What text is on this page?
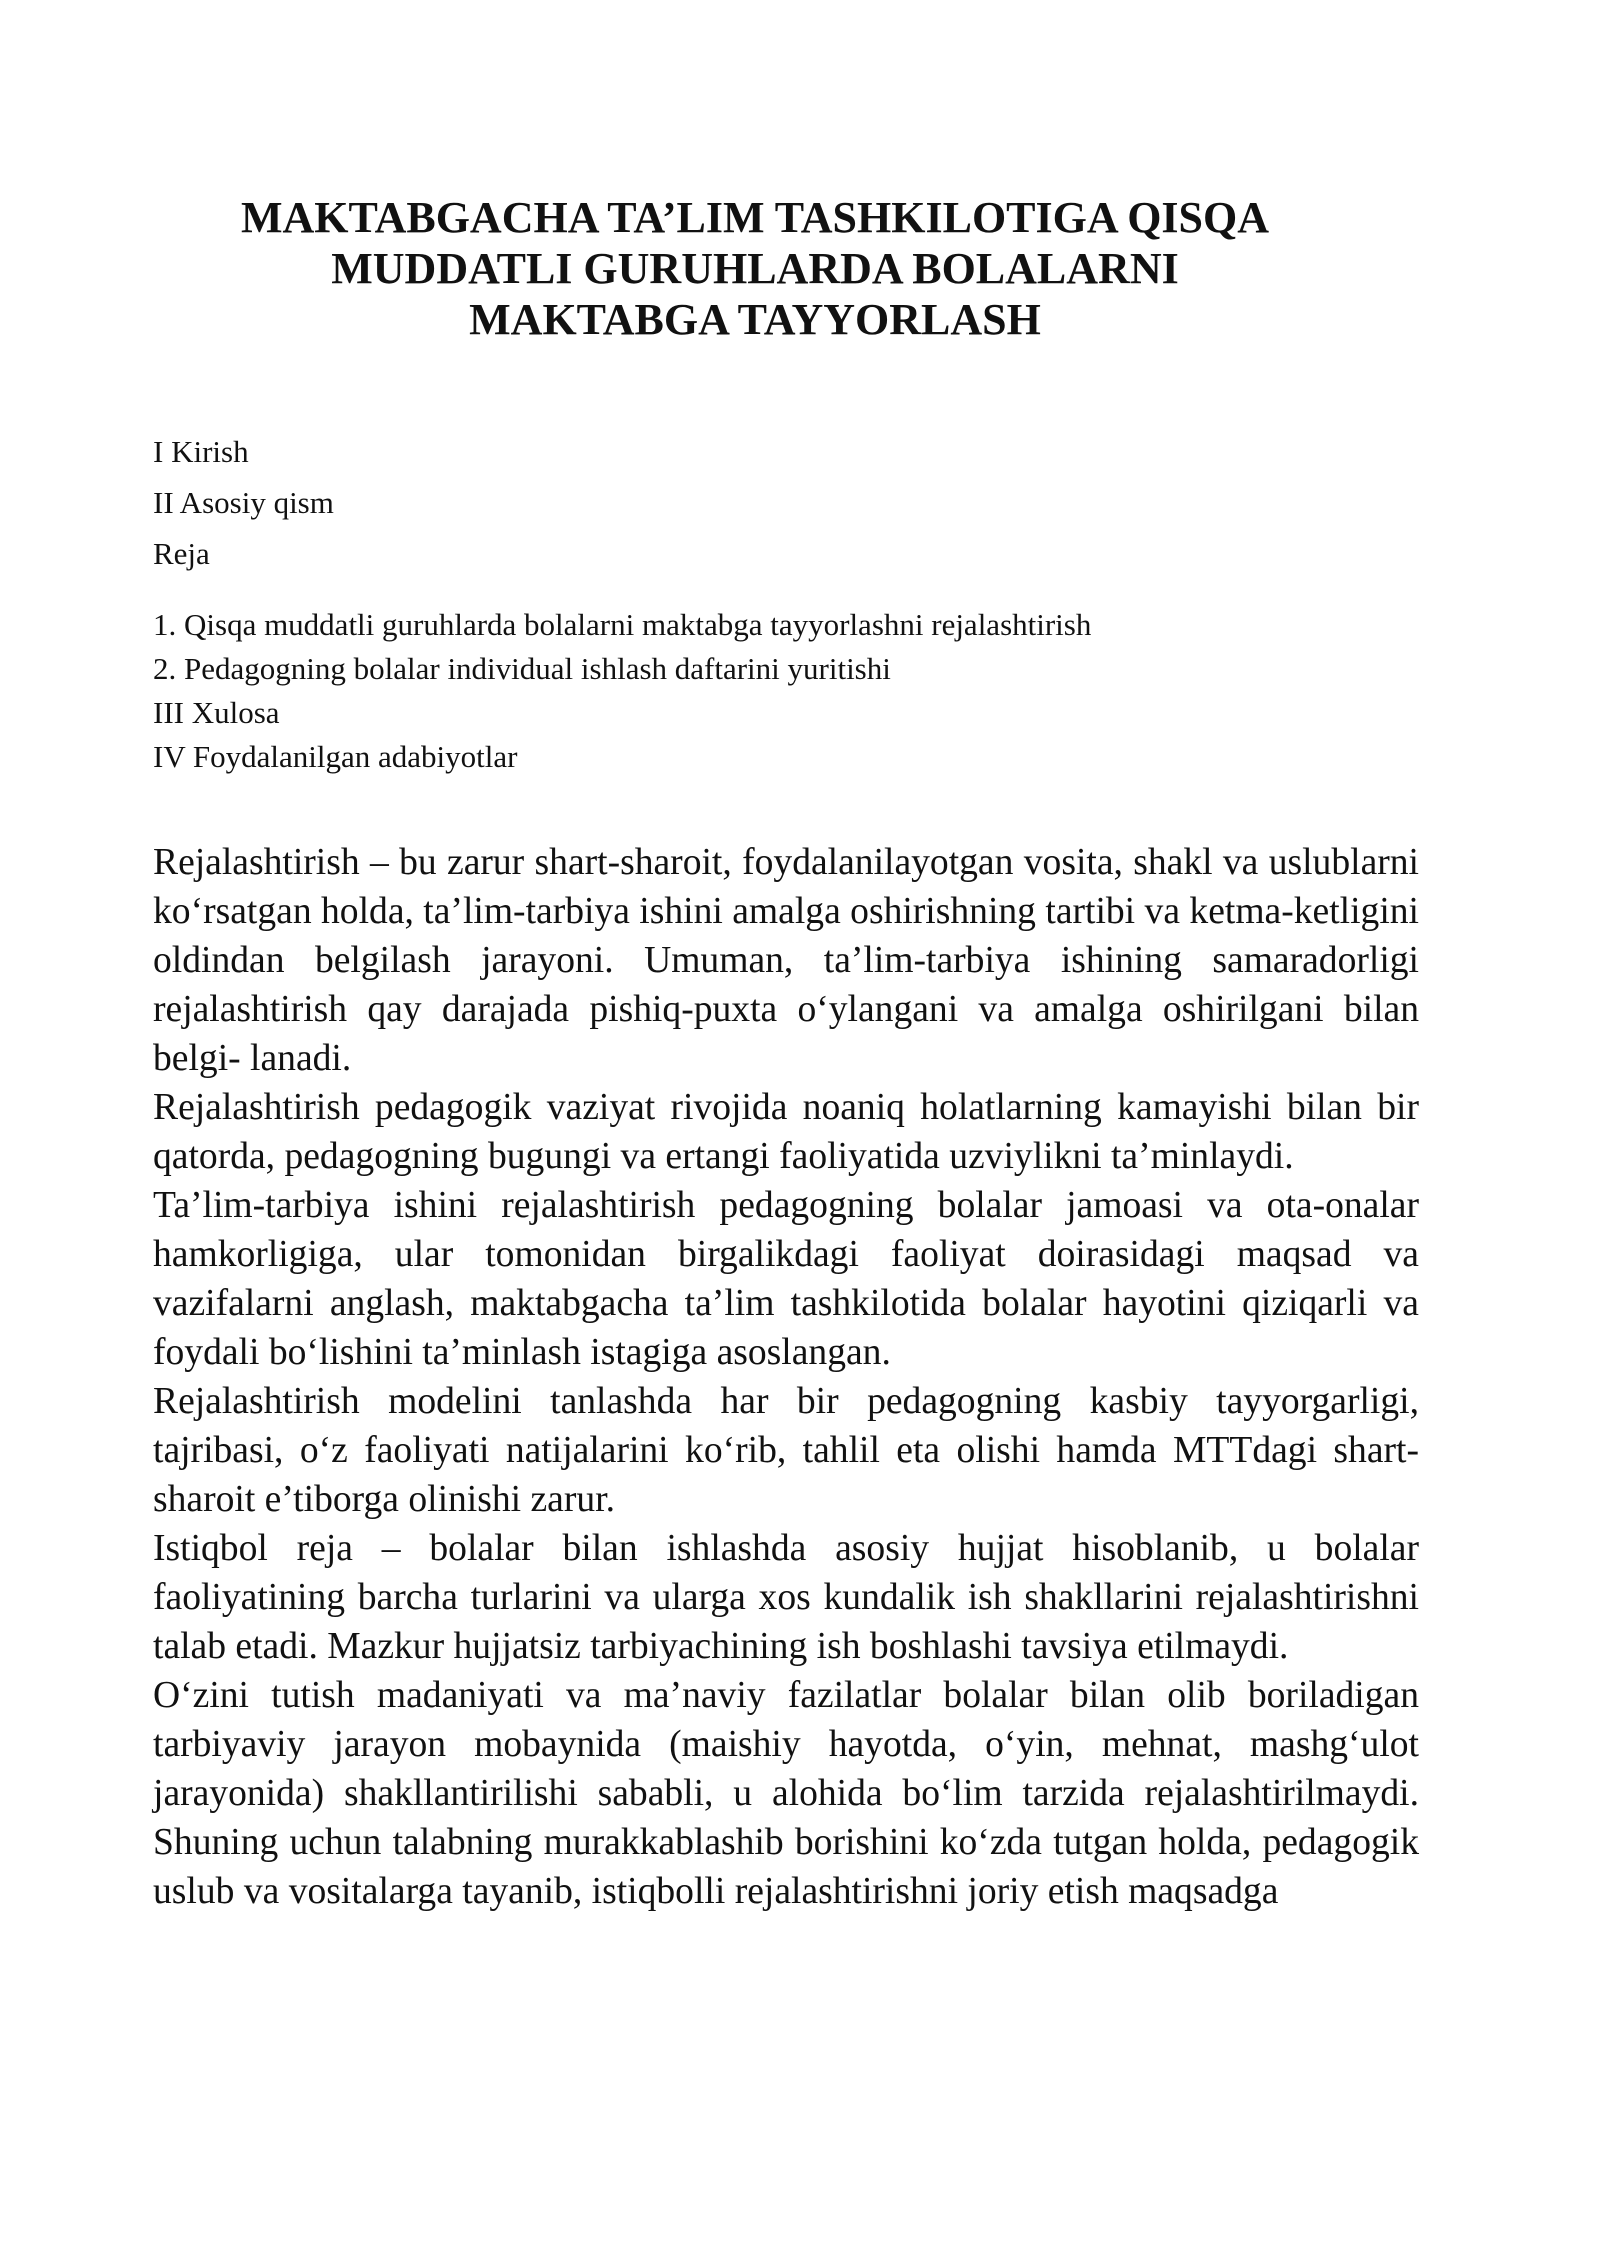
MAKTABGACHA TA’LIM TASHKILOTIGA QISQA
MUDDATLI GURUHLARDA BOLALARNI
MAKTABGA TAYYORLASH
I Kirish
II Asosiy qism
Reja
1. Qisqa muddatli guruhlarda bolalarni maktabga tayyorlashni rejalashtirish
2. Pedagogning bolalar individual ishlash daftarini yuritishi
III Xulosa
IV Foydalanilgan adabiyotlar

Rejalashtirish – bu zarur shart-sharoit, foydalanilayotgan vosita, shakl va uslublarni ko‘rsatgan holda, ta’lim-tarbiya ishini amalga oshirishning tartibi va ketma-ketligini oldindan belgilash jarayoni. Umuman, ta’lim-tarbiya ishining samaradorligi rejalashtirish qay darajada pishiq-puxta o‘ylangani va amalga oshirilgani bilan belgi- lanadi.

Rejalashtirish pedagogik vaziyat rivojida noaniq holatlarning kamayishi bilan bir qatorda, pedagogning bugungi va ertangi faoliyatida uzviylikni ta’minlaydi.

Ta’lim-tarbiya ishini rejalashtirish pedagogning bolalar jamoasi va ota-onalar hamkorligiga, ular tomonidan birgalikdagi faoliyat doirasidagi maqsad va vazifalarni anglash, maktabgacha ta’lim tashkilotida bolalar hayotini qiziqarli va foydali bo‘lishini ta’minlash istagiga asoslangan.

Rejalashtirish modelini tanlashda har bir pedagogning kasbiy tayyorgarligi, tajribasi, o‘z faoliyati natijalarini ko‘rib, tahlil eta olishi hamda MTTdagi shart-sharoit e’tiborga olinishi zarur.

Istiqbol reja – bolalar bilan ishlashda asosiy hujjat hisoblanib, u bolalar faoliyatining barcha turlarini va ularga xos kundalik ish shakllarini rejalashtirishni talab etadi. Mazkur hujjatsiz tarbiyachining ish boshlashi tavsiya etilmaydi.

O‘zini tutish madaniyati va ma’naviy fazilatlar bolalar bilan olib boriladigan tarbiyaviy jarayon mobaynida (maishiy hayotda, o‘yin, mehnat, mashg‘ulot jarayonida) shakllantirilishi sababli, u alohida bo‘lim tarzida rejalashtirilmaydi. Shuning uchun talabning murakkablashib borishini ko‘zda tutgan holda, pedagogik uslub va vositalarga tayanib, istiqbolli rejalashtirishni joriy etish maqsadga
